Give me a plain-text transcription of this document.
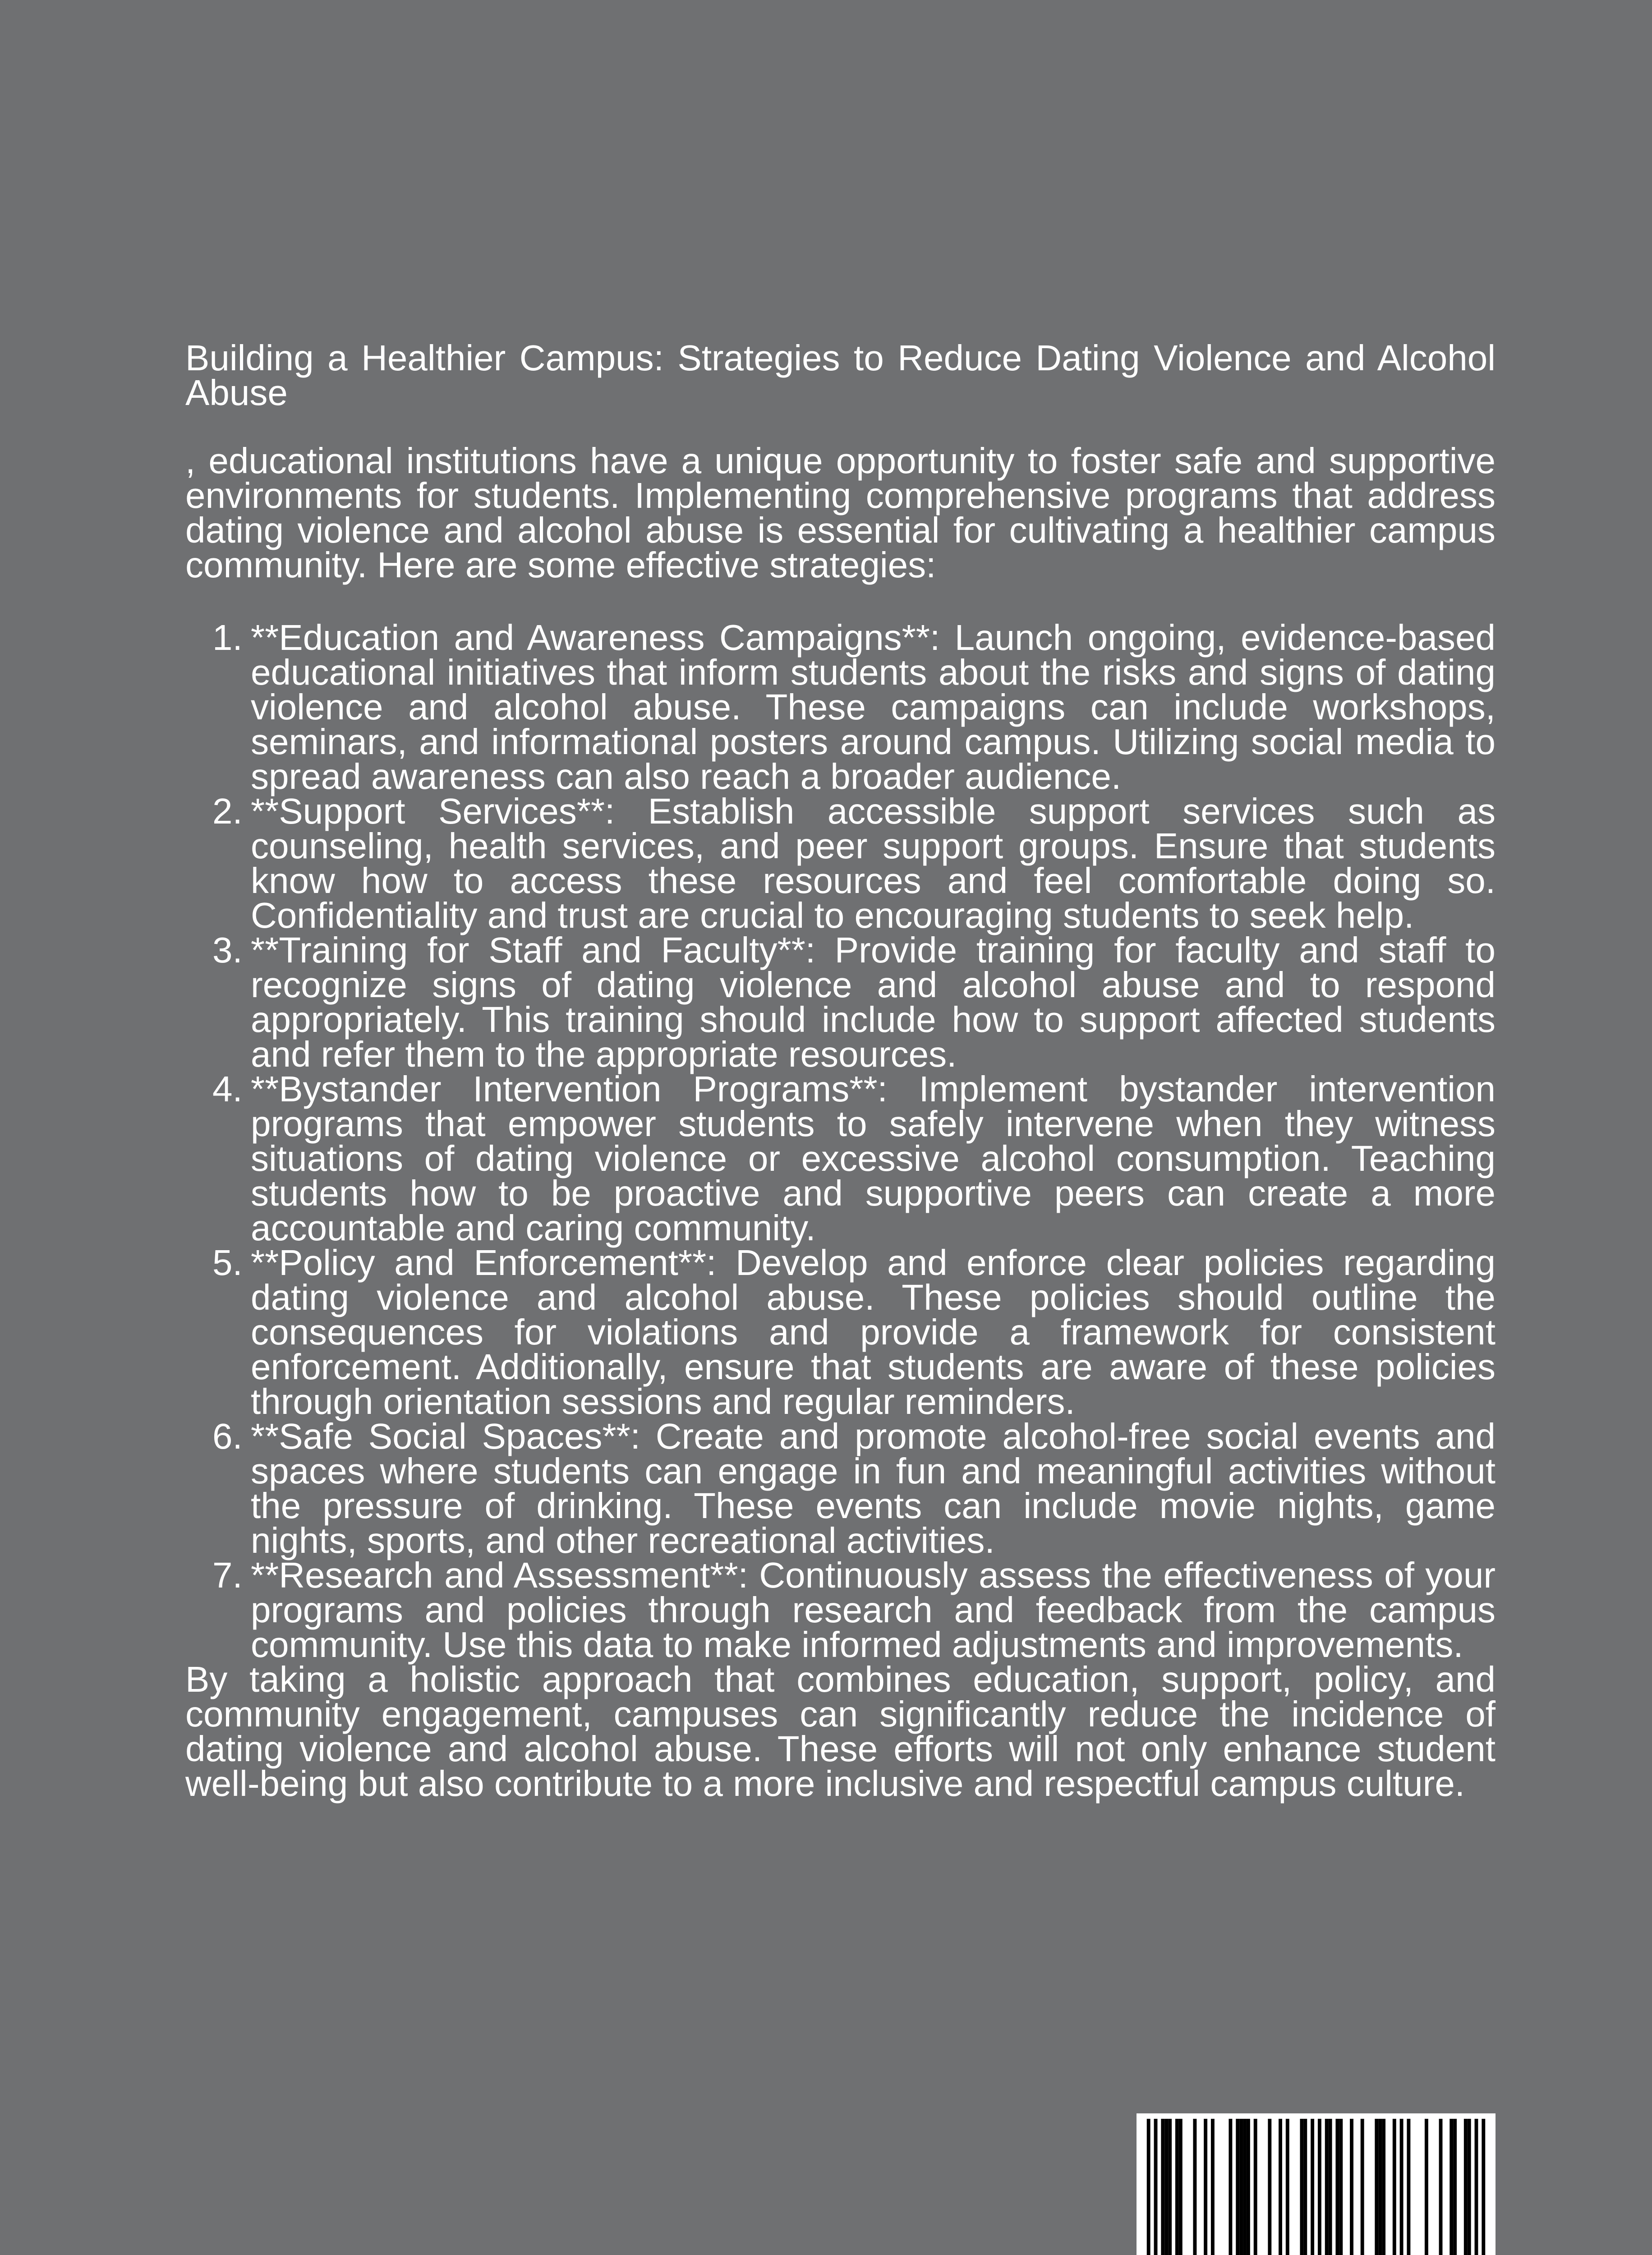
Building a Healthier Campus: Strategies to Reduce Dating Violence and Alcohol Abuse

, educational institutions have a unique opportunity to foster safe and supportive environments for students. Implementing comprehensive programs that address dating violence and alcohol abuse is essential for cultivating a healthier campus community. Here are some effective strategies:

1. **Education and Awareness Campaigns**: Launch ongoing, evidence-based educational initiatives that inform students about the risks and signs of dating violence and alcohol abuse. These campaigns can include workshops, seminars, and informational posters around campus. Utilizing social media to spread awareness can also reach a broader audience.
2. **Support Services**: Establish accessible support services such as counseling, health services, and peer support groups. Ensure that students know how to access these resources and feel comfortable doing so. Confidentiality and trust are crucial to encouraging students to seek help.
3. **Training for Staff and Faculty**: Provide training for faculty and staff to recognize signs of dating violence and alcohol abuse and to respond appropriately. This training should include how to support affected students and refer them to the appropriate resources.
4. **Bystander Intervention Programs**: Implement bystander intervention programs that empower students to safely intervene when they witness situations of dating violence or excessive alcohol consumption. Teaching students how to be proactive and supportive peers can create a more accountable and caring community.
5. **Policy and Enforcement**: Develop and enforce clear policies regarding dating violence and alcohol abuse. These policies should outline the consequences for violations and provide a framework for consistent enforcement. Additionally, ensure that students are aware of these policies through orientation sessions and regular reminders.
6. **Safe Social Spaces**: Create and promote alcohol-free social events and spaces where students can engage in fun and meaningful activities without the pressure of drinking. These events can include movie nights, game nights, sports, and other recreational activities.
7. **Research and Assessment**: Continuously assess the effectiveness of your programs and policies through research and feedback from the campus community. Use this data to make informed adjustments and improvements.

By taking a holistic approach that combines education, support, policy, and community engagement, campuses can significantly reduce the incidence of dating violence and alcohol abuse. These efforts will not only enhance student well-being but also contribute to a more inclusive and respectful campus culture.
